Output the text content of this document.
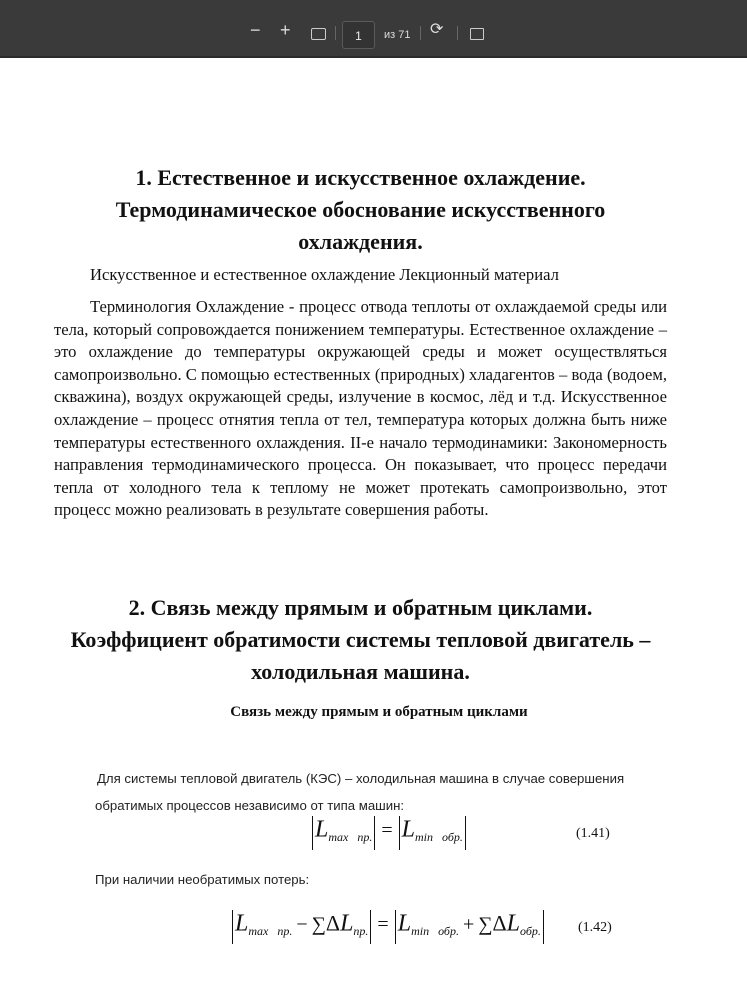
− +	1	из 71 ⟳
1. Естественное и искусственное охлаждение.
Термодинамическое обоснование искусственного
охлаждения.

Искусственное и естественное охлаждение Лекционный материал

Терминология Охлаждение - процесс отвода теплоты от охлаждаемой среды или тела, который сопровождается понижением температуры. Естественное охлаждение – это охлаждение до температуры окружающей среды и может осуществляться самопроизвольно. С помощью естественных (природных) хладагентов – вода (водоем, скважина), воздух окружающей среды, излучение в космос, лёд и т.д. Искусственное охлаждение – процесс отнятия тепла от тел, температура которых должна быть ниже температуры естественного охлаждения. II-е начало термодинамики: Закономерность направления термодинамического процесса. Он показывает, что процесс передачи тепла от холодного тела к теплому не может протекать самопроизвольно, этот процесс можно реализовать в результате совершения работы.

2. Связь между прямым и обратным циклами.
Коэффициент обратимости системы тепловой двигатель –
холодильная машина.
Связь между прямым и обратным циклами
Для системы тепловой двигатель (КЭС) – холодильная машина в случае совершения
обратимых процессов независимо от типа машин:
$L_{max пр.} = L_{min обр.}$	(1.41)
При наличии необратимых потерь:
$L_{max пр.} - \sum\Delta L_{пр.} = L_{min обр.} + \sum\Delta L_{обр.}$	(1.42)
